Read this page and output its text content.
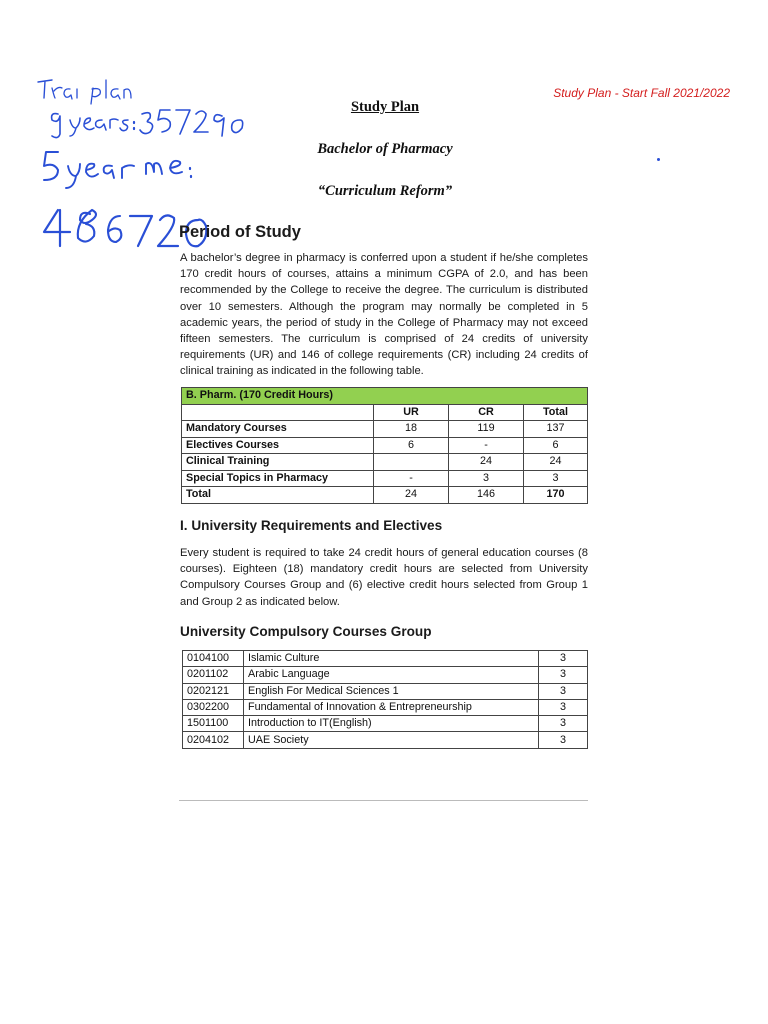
Study Plan - Start Fall 2021/2022
Trad plan
Study Plan
Bachelor of Pharmacy
“Curriculum Reform”
Period of Study
A bachelor’s degree in pharmacy is conferred upon a student if he/she completes 170 credit hours of courses, attains a minimum CGPA of 2.0, and has been recommended by the College to receive the degree. The curriculum is distributed over 10 semesters. Although the program may normally be completed in 5 academic years, the period of study in the College of Pharmacy may not exceed fifteen semesters. The curriculum is comprised of 24 credits of university requirements (UR) and 146 of college requirements (CR) including 24 credits of clinical training as indicated in the following table.
B. Pharm. (170 Credit Hours)			
	UR	CR	Total
Mandatory Courses	18	119	137
Electives Courses	6	-	6
Clinical Training		24	24
Special Topics in Pharmacy	-	3	3
Total	24	146	170
I. University Requirements and Electives
Every student is required to take 24 credit hours of general education courses (8 courses). Eighteen (18) mandatory credit hours are selected from University Compulsory Courses Group and (6) elective credit hours selected from Group 1 and Group 2 as indicated below.
University Compulsory Courses Group
0104100	Islamic Culture	3
0201102	Arabic Language	3
0202121	English For Medical Sciences 1	3
0302200	Fundamental of Innovation & Entrepreneurship	3
1501100	Introduction to IT(English)	3
0204102	UAE Society	3
